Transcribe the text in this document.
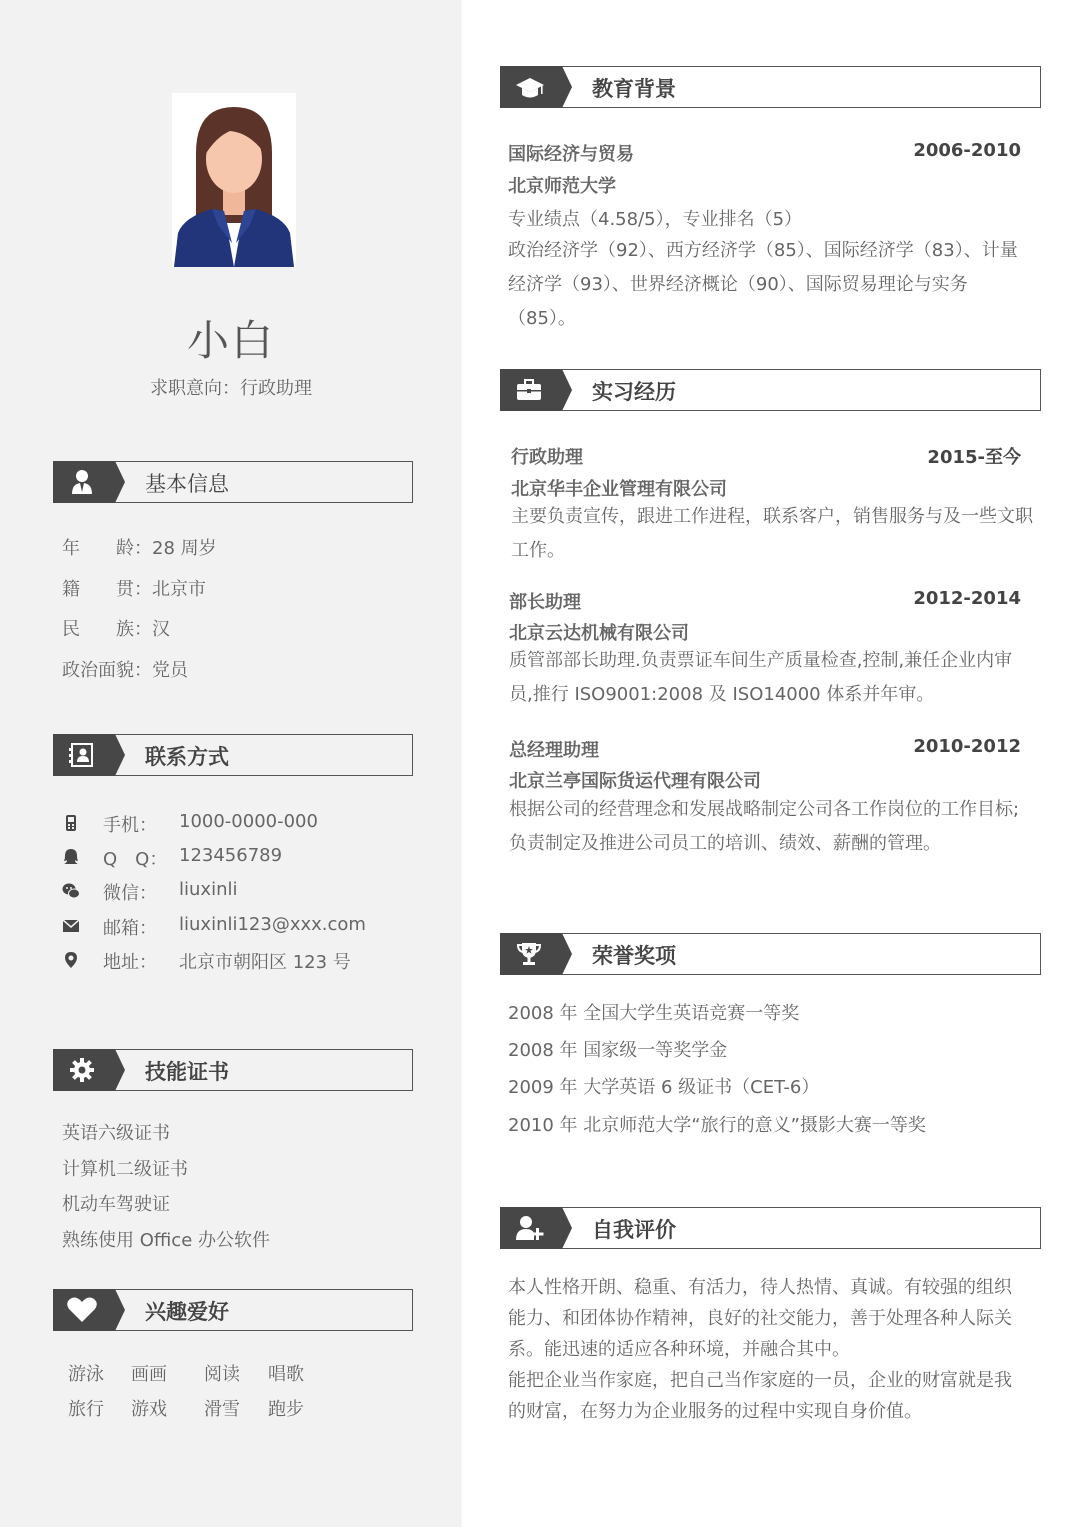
小白
求职意向：行政助理
基本信息
年　　龄：28 周岁
籍　　贯：北京市
民　　族：汉
政治面貌：党员
联系方式
手机： 1000-0000-000
Q　Q： 123456789
微信： liuxinli
邮箱： liuxinli123@xxx.com
地址： 北京市朝阳区 123 号
技能证书
英语六级证书
计算机二级证书
机动车驾驶证
熟练使用 Office 办公软件
兴趣爱好
游泳 画画 阅读 唱歌
旅行 游戏 滑雪 跑步
教育背景
国际经济与贸易	2006-2010
北京师范大学
专业绩点（4.58/5），专业排名（5）
政治经济学（92）、西方经济学（85）、国际经济学（83）、计量经济学（93）、世界经济概论（90）、国际贸易理论与实务（85）。
实习经历
行政助理	2015-至今
北京华丰企业管理有限公司
主要负责宣传，跟进工作进程，联系客户，销售服务与及一些文职工作。
部长助理	2012-2014
北京云达机械有限公司
质管部部长助理.负责票证车间生产质量检查,控制,兼任企业内审员,推行 ISO9001:2008 及 ISO14000 体系并年审。
总经理助理	2010-2012
北京兰亭国际货运代理有限公司
根据公司的经营理念和发展战略制定公司各工作岗位的工作目标;负责制定及推进公司员工的培训、绩效、薪酬的管理。
荣誉奖项
2008 年 全国大学生英语竞赛一等奖
2008 年 国家级一等奖学金
2009 年 大学英语 6 级证书（CET-6）
2010 年 北京师范大学“旅行的意义”摄影大赛一等奖
自我评价
本人性格开朗、稳重、有活力，待人热情、真诚。有较强的组织能力、和团体协作精神，良好的社交能力，善于处理各种人际关系。能迅速的适应各种环境，并融合其中。
能把企业当作家庭，把自己当作家庭的一员，企业的财富就是我的财富，在努力为企业服务的过程中实现自身价值。
